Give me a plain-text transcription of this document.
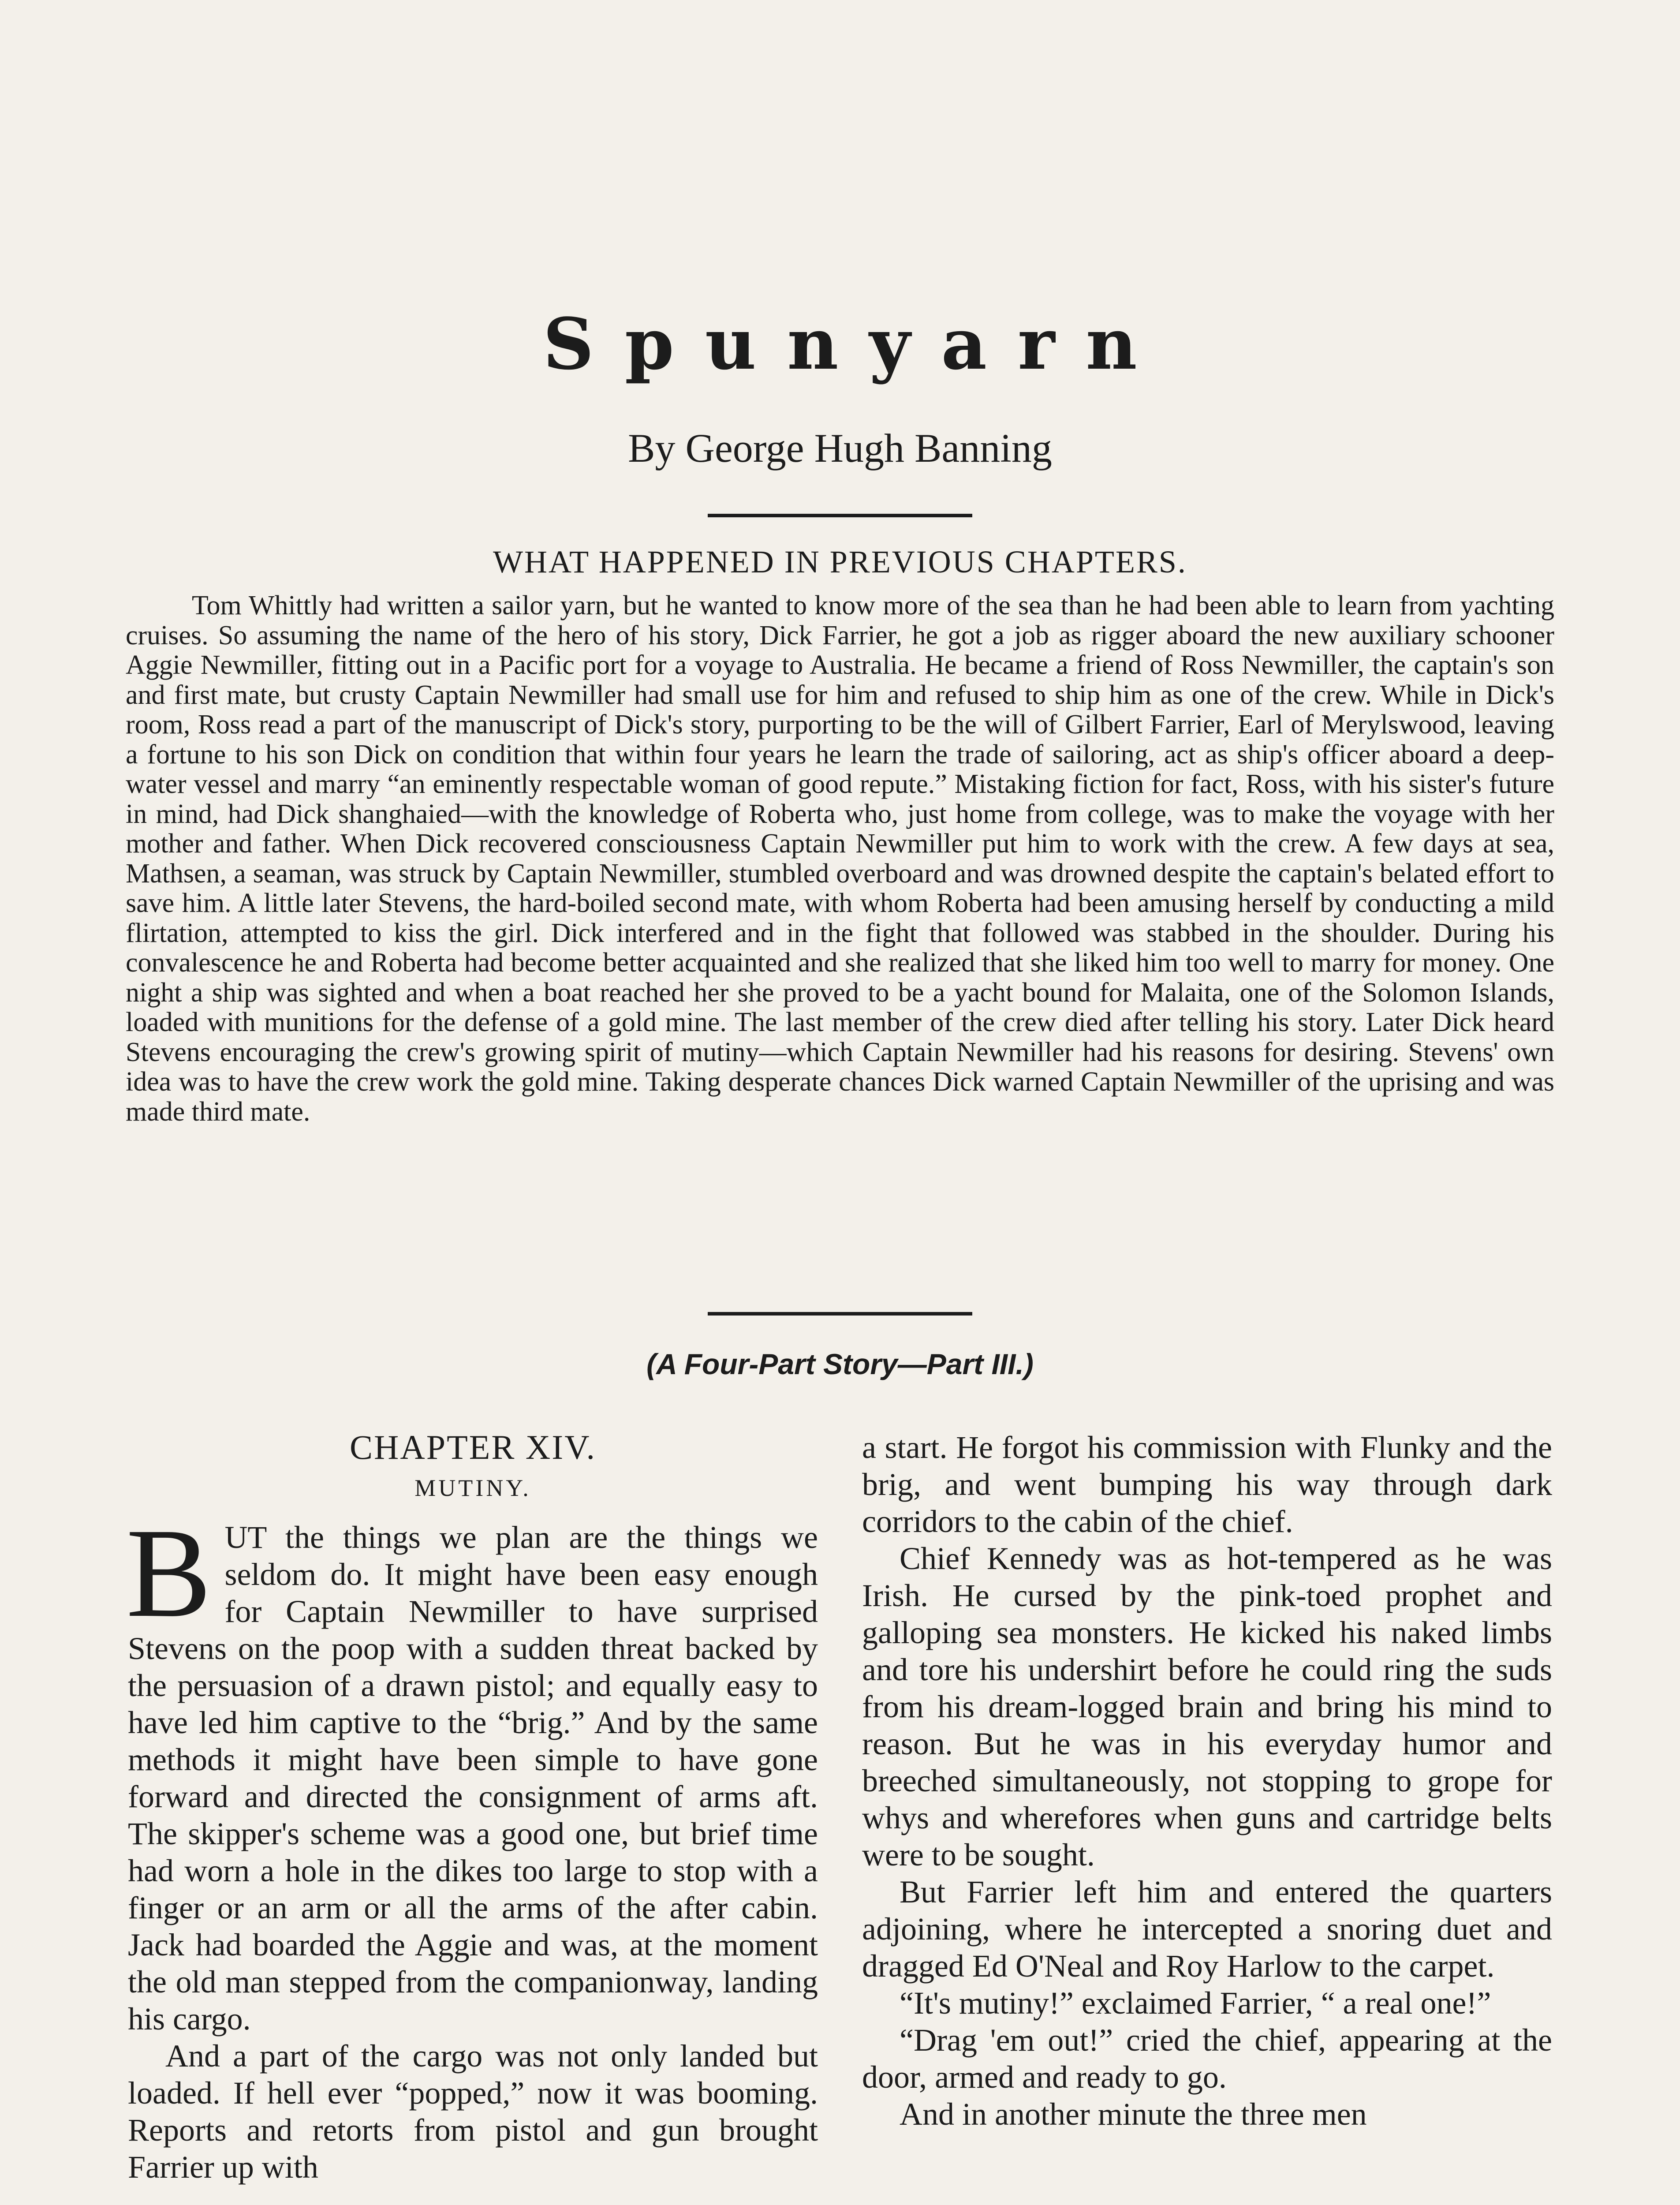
Spunyarn
By George Hugh Banning
WHAT HAPPENED IN PREVIOUS CHAPTERS.

Tom Whittly had written a sailor yarn, but he wanted to know more of the sea than he had been able to learn from yachting cruises. So assuming the name of the hero of his story, Dick Farrier, he got a job as rigger aboard the new auxiliary schooner Aggie Newmiller, fitting out in a Pacific port for a voyage to Australia. He became a friend of Ross Newmiller, the captain's son and first mate, but crusty Captain Newmiller had small use for him and refused to ship him as one of the crew. While in Dick's room, Ross read a part of the manuscript of Dick's story, purporting to be the will of Gilbert Farrier, Earl of Merylswood, leaving a fortune to his son Dick on condition that within four years he learn the trade of sailoring, act as ship's officer aboard a deep-water vessel and marry “an eminently respectable woman of good repute.” Mistaking fiction for fact, Ross, with his sister's future in mind, had Dick shanghaied—with the knowledge of Roberta who, just home from college, was to make the voyage with her mother and father. When Dick recovered consciousness Captain Newmiller put him to work with the crew. A few days at sea, Mathsen, a seaman, was struck by Captain Newmiller, stumbled overboard and was drowned despite the captain's belated effort to save him. A little later Stevens, the hard-boiled second mate, with whom Roberta had been amusing herself by conducting a mild flirtation, attempted to kiss the girl. Dick interfered and in the fight that followed was stabbed in the shoulder. During his convalescence he and Roberta had become better acquainted and she realized that she liked him too well to marry for money. One night a ship was sighted and when a boat reached her she proved to be a yacht bound for Malaita, one of the Solomon Islands, loaded with munitions for the defense of a gold mine. The last member of the crew died after telling his story. Later Dick heard Stevens encouraging the crew's growing spirit of mutiny—which Captain Newmiller had his reasons for desiring. Stevens' own idea was to have the crew work the gold mine. Taking desperate chances Dick warned Captain Newmiller of the uprising and was made third mate.

(A Four-Part Story—Part III.)
CHAPTER XIV.
MUTINY.

BUT the things we plan are the things we seldom do. It might have been easy enough for Captain Newmiller to have surprised Stevens on the poop with a sudden threat backed by the persuasion of a drawn pistol; and equally easy to have led him captive to the “brig.” And by the same methods it might have been simple to have gone forward and directed the consignment of arms aft. The skipper's scheme was a good one, but brief time had worn a hole in the dikes too large to stop with a finger or an arm or all the arms of the after cabin. Jack had boarded the Aggie and was, at the moment the old man stepped from the companionway, landing his cargo.

And a part of the cargo was not only landed but loaded. If hell ever “popped,” now it was booming. Reports and retorts from pistol and gun brought Farrier up with

a start. He forgot his commission with Flunky and the brig, and went bumping his way through dark corridors to the cabin of the chief.

Chief Kennedy was as hot-tempered as he was Irish. He cursed by the pink-toed prophet and galloping sea monsters. He kicked his naked limbs and tore his undershirt before he could ring the suds from his dream-logged brain and bring his mind to reason. But he was in his everyday humor and breeched simultaneously, not stopping to grope for whys and wherefores when guns and cartridge belts were to be sought.

But Farrier left him and entered the quarters adjoining, where he intercepted a snoring duet and dragged Ed O'Neal and Roy Harlow to the carpet.

“It's mutiny!” exclaimed Farrier, “ a real one!”

“Drag 'em out!” cried the chief, appearing at the door, armed and ready to go.

And in another minute the three men
